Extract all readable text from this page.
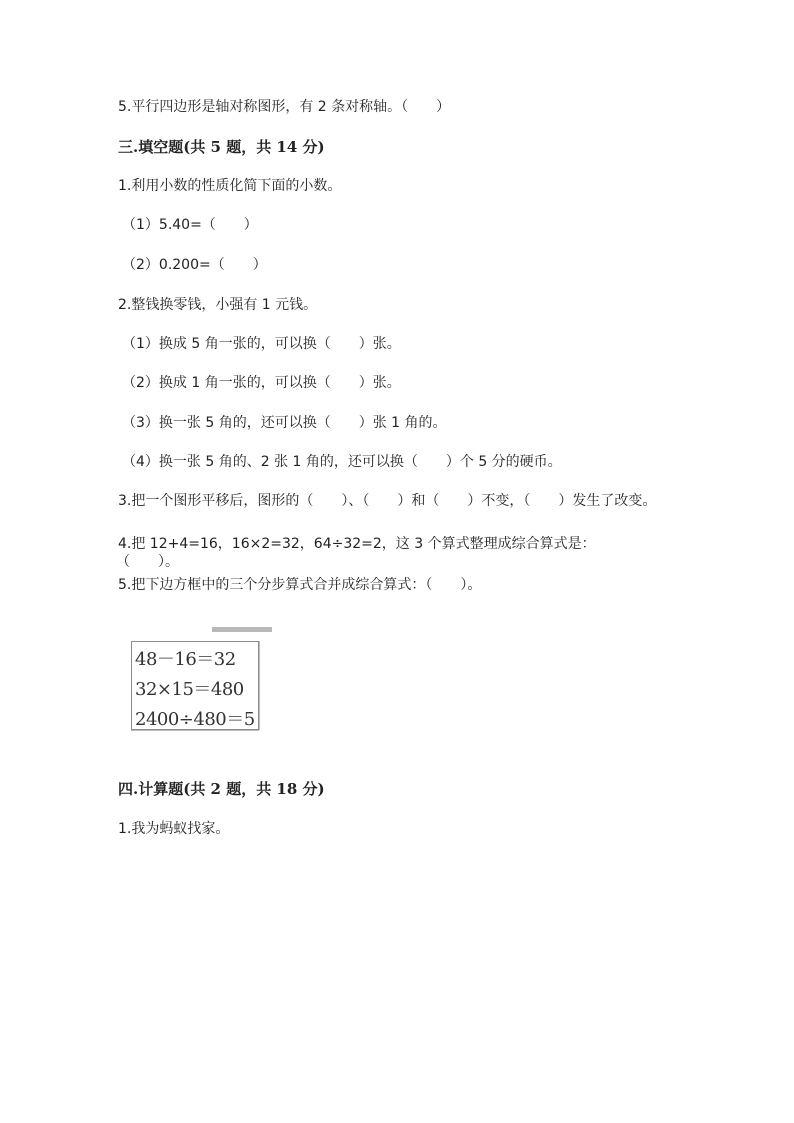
5.平行四边形是轴对称图形，有 2 条对称轴。（　　）
三.填空题(共 5 题，共 14 分)
1.利用小数的性质化简下面的小数。
（1）5.40=（　　）
（2）0.200=（　　）
2.整钱换零钱，小强有 1 元钱。
（1）换成 5 角一张的，可以换（　　）张。
（2）换成 1 角一张的，可以换（　　）张。
（3）换一张 5 角的，还可以换（　　）张 1 角的。
（4）换一张 5 角的、2 张 1 角的，还可以换（　　）个 5 分的硬币。
3.把一个图形平移后，图形的（　　）、（　　）和（　　）不变，（　　）发生了改变。
4.把 12+4=16，16×2=32，64÷32=2，这 3 个算式整理成综合算式是：
（　　）。
5.把下边方框中的三个分步算式合并成综合算式：（　　）。
48－16＝32
32×15＝480
2400÷480＝5
四.计算题(共 2 题，共 18 分)
1.我为蚂蚁找家。
